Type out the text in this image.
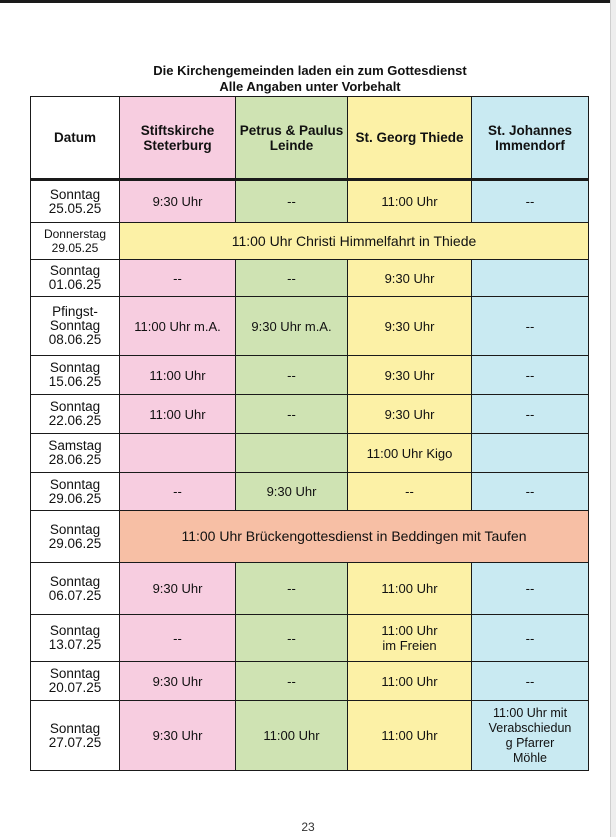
Die Kirchengemeinden laden ein zum Gottesdienst
Alle Angaben unter Vorbehalt
Datum	Stiftskirche Steterburg	Petrus & Paulus Leinde	St. Georg Thiede	St. Johannes Immendorf
Sonntag
25.05.25	9:30 Uhr	--	11:00 Uhr	--
Donnerstag
29.05.25	11:00 Uhr Christi Himmelfahrt in Thiede			
Sonntag
01.06.25	--	--	9:30 Uhr	
Pfingst-
Sonntag
08.06.25	11:00 Uhr m.A.	9:30 Uhr m.A.	9:30 Uhr	--
Sonntag
15.06.25	11:00 Uhr	--	9:30 Uhr	--
Sonntag
22.06.25	11:00 Uhr	--	9:30 Uhr	--
Samstag
28.06.25			11:00 Uhr Kigo	
Sonntag
29.06.25	--	9:30 Uhr	--	--
Sonntag
29.06.25	11:00 Uhr Brückengottesdienst in Beddingen mit Taufen			
Sonntag
06.07.25	9:30 Uhr	--	11:00 Uhr	--
Sonntag
13.07.25	--	--	11:00 Uhr
im Freien	--
Sonntag
20.07.25	9:30 Uhr	--	11:00 Uhr	--
Sonntag
27.07.25	9:30 Uhr	11:00 Uhr	11:00 Uhr	11:00 Uhr mit
Verabschiedun
g Pfarrer
Möhle
23
